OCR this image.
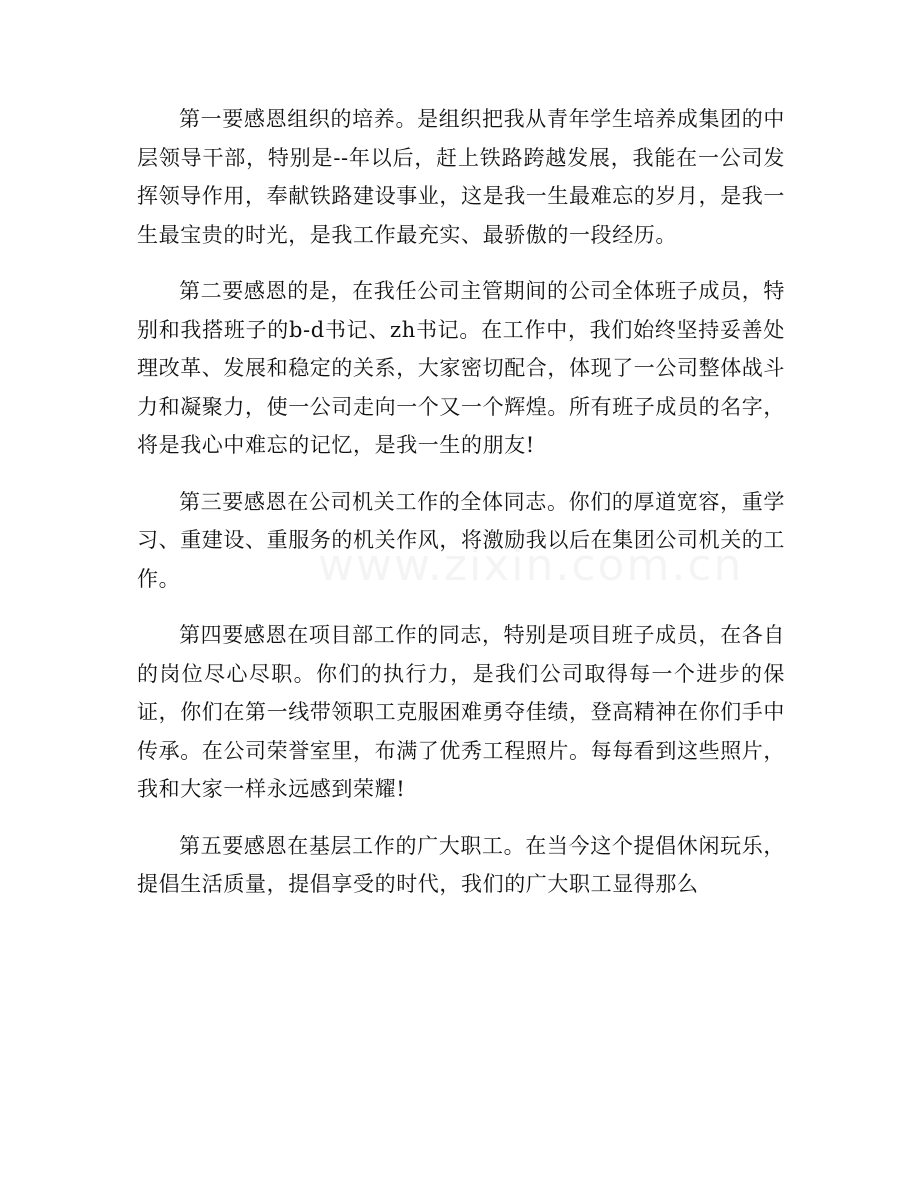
第一要感恩组织的培养。是组织把我从青年学生培养成集团的中层领导干部，特别是--年以后，赶上铁路跨越发展，我能在一公司发挥领导作用，奉献铁路建设事业，这是我一生最难忘的岁月，是我一生最宝贵的时光，是我工作最充实、最骄傲的一段经历。

第二要感恩的是，在我任公司主管期间的公司全体班子成员，特别和我搭班子的b-d书记、zh书记。在工作中，我们始终坚持妥善处理改革、发展和稳定的关系，大家密切配合，体现了一公司整体战斗力和凝聚力，使一公司走向一个又一个辉煌。所有班子成员的名字，将是我心中难忘的记忆，是我一生的朋友!

第三要感恩在公司机关工作的全体同志。你们的厚道宽容，重学习、重建设、重服务的机关作风，将激励我以后在集团公司机关的工作。

第四要感恩在项目部工作的同志，特别是项目班子成员，在各自的岗位尽心尽职。你们的执行力，是我们公司取得每一个进步的保证，你们在第一线带领职工克服困难勇夺佳绩，登高精神在你们手中传承。在公司荣誉室里，布满了优秀工程照片。每每看到这些照片，我和大家一样永远感到荣耀!

第五要感恩在基层工作的广大职工。在当今这个提倡休闲玩乐，提倡生活质量，提倡享受的时代，我们的广大职工显得那么
